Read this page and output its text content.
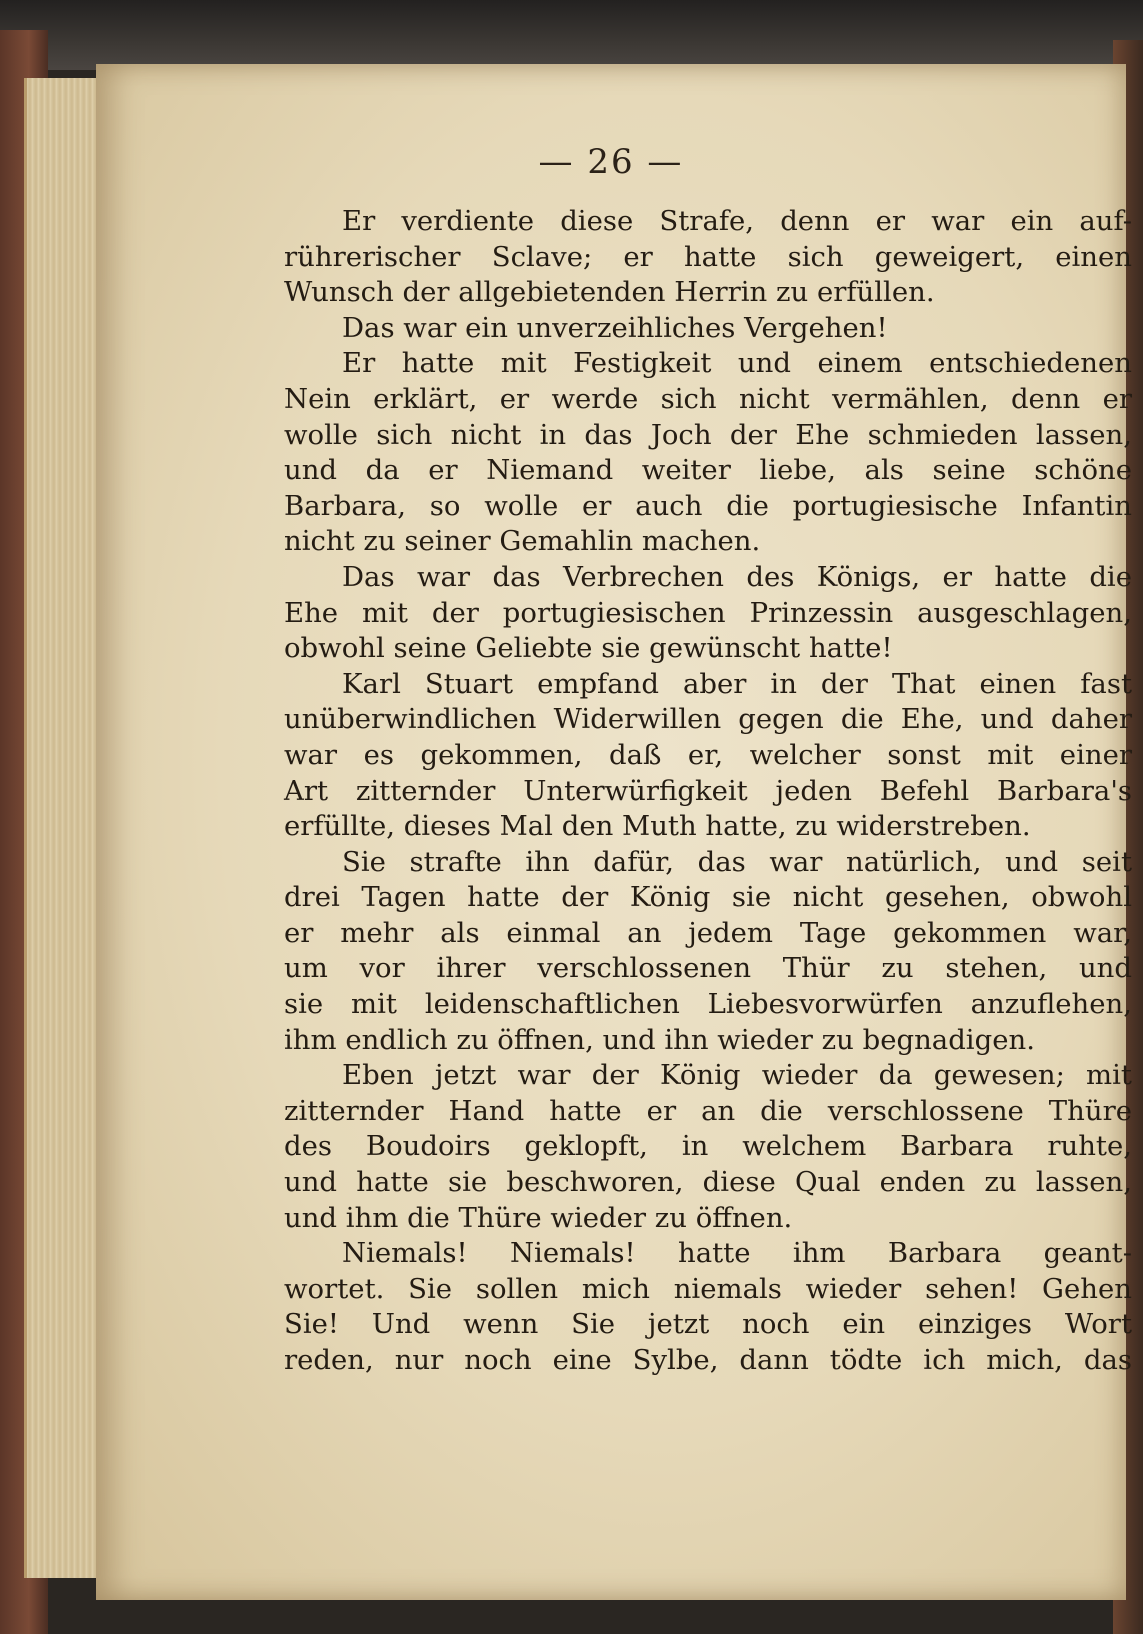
— 26 —
Er verdiente diese Strafe, denn er war ein auf-
rührerischer Sclave; er hatte sich geweigert, einen
Wunsch der allgebietenden Herrin zu erfüllen.
Das war ein unverzeihliches Vergehen!
Er hatte mit Festigkeit und einem entschiedenen
Nein erklärt, er werde sich nicht vermählen, denn er
wolle sich nicht in das Joch der Ehe schmieden lassen,
und da er Niemand weiter liebe, als seine schöne
Barbara, so wolle er auch die portugiesische Infantin
nicht zu seiner Gemahlin machen.
Das war das Verbrechen des Königs, er hatte die
Ehe mit der portugiesischen Prinzessin ausgeschlagen,
obwohl seine Geliebte sie gewünscht hatte!
Karl Stuart empfand aber in der That einen fast
unüberwindlichen Widerwillen gegen die Ehe, und daher
war es gekommen, daß er, welcher sonst mit einer
Art zitternder Unterwürfigkeit jeden Befehl Barbara's
erfüllte, dieses Mal den Muth hatte, zu widerstreben.
Sie strafte ihn dafür, das war natürlich, und seit
drei Tagen hatte der König sie nicht gesehen, obwohl
er mehr als einmal an jedem Tage gekommen war,
um vor ihrer verschlossenen Thür zu stehen, und
sie mit leidenschaftlichen Liebesvorwürfen anzuflehen,
ihm endlich zu öffnen, und ihn wieder zu begnadigen.
Eben jetzt war der König wieder da gewesen; mit
zitternder Hand hatte er an die verschlossene Thüre
des Boudoirs geklopft, in welchem Barbara ruhte,
und hatte sie beschworen, diese Qual enden zu lassen,
und ihm die Thüre wieder zu öffnen.
Niemals! Niemals! hatte ihm Barbara geant-
wortet. Sie sollen mich niemals wieder sehen! Gehen
Sie! Und wenn Sie jetzt noch ein einziges Wort
reden, nur noch eine Sylbe, dann tödte ich mich, das
